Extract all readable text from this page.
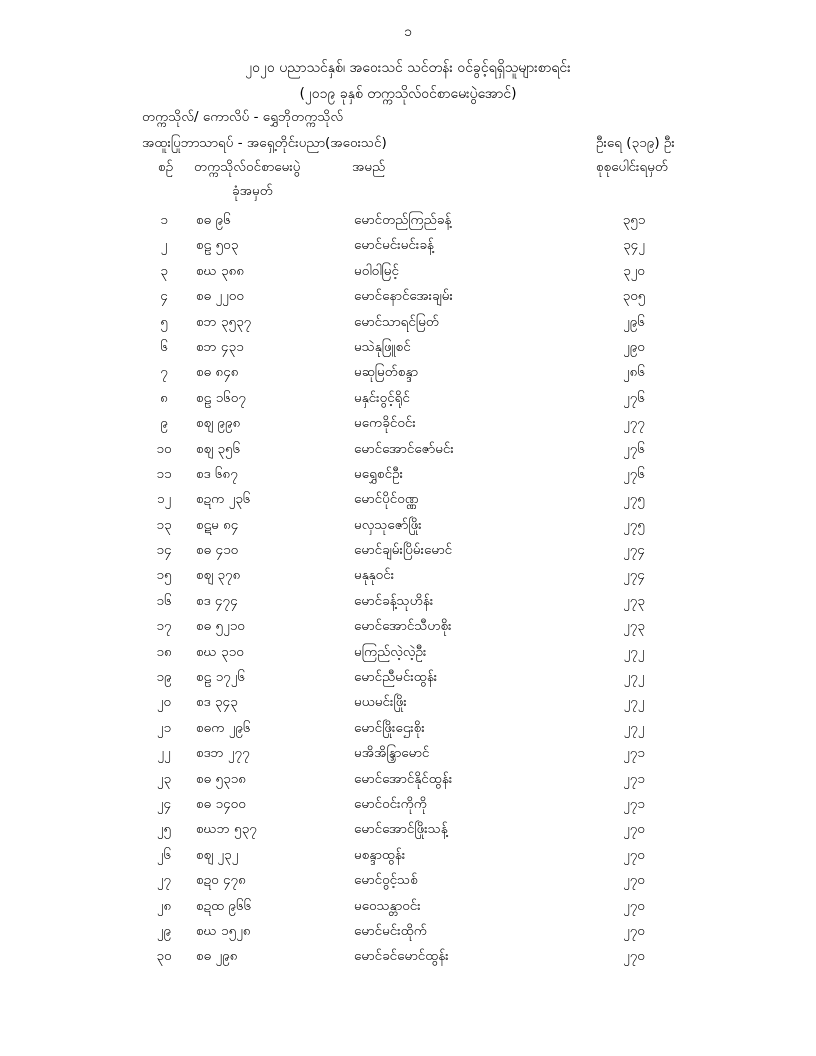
၁
၂၀၂၀ ပညာသင်နှစ်၊ အဝေးသင် သင်တန်း ဝင်ခွင့်ရရှိသူများစာရင်း
(၂၀၁၉ ခုနှစ် တက္ကသိုလ်ဝင်စာမေးပွဲအောင်)
တက္ကသိုလ်/ ကောလိပ် - ရွှေဘိုတက္ကသိုလ်
အထူးပြုဘာသာရပ် - အရှေ့တိုင်းပညာ(အဝေးသင်)	ဦးရေ (၃၁၉) ဦး
စဉ် တက္ကသိုလ်ဝင်စာမေးပွဲ
ခုံအမှတ်
အမည်	စုစုပေါင်းရမှတ်
၁	စဓ ၉၆	မောင်တည်ကြည်ခန့်	၃၅၁
၂	စဠ ၅၀၃	မောင်မင်းမင်းခန့်	၃၄၂
၃	စဃ ၃၈၈	မဝါဝါမြင့်	၃၂၀
၄	စဓ ၂၂၀၀	မောင်နောင်အေးချမ်း	၃၀၅
၅	စဘ ၃၅၃၇	မောင်သာရင်မြတ်	၂၉၆
၆	စဘ ၄၃၁	မသဲနုဖြူစင်	၂၉၀
၇	စဓ ၈၄၈	မဆုမြတ်စန္ဒာ	၂၈၆
၈	စဠ ၁၆၀၇	မနှင်းဝွင့်ရိုင်	၂၇၆
၉	စဈ ၉၉၈	မကေခိုင်ဝင်း	၂၇၇
၁၀	စဈ ၃၅၆	မောင်အောင်ဇော်မင်း	၂၇၆
၁၁	စဒ ၆၈၇	မရွှေစင်ဦး	၂၇၆
၁၂	စဍက ၂၃၆	မောင်ပိုင်ဝဏ္ဏ	၂၇၅
၁၃	စဋမ ၈၄	မလှသုဇော်ဖြိုး	၂၇၅
၁၄	စဓ ၄၁၀	မောင်ချမ်းပြိမ်းမောင်	၂၇၄
၁၅	စဈ ၃၇၈	မနုနုဝင်း	၂၇၄
၁၆	စဒ ၄၇၄	မောင်ခန့်သုဟိန်း	၂၇၃
၁၇	စဓ ၅၂၁၀	မောင်အောင်သီဟစိုး	၂၇၃
၁၈	စဃ ၃၁၀	မကြည်လဲ့လဲ့ဦး	၂၇၂
၁၉	စဠ ၁၇၂၆	မောင်ညီမင်းထွန်း	၂၇၂
၂၀	စဒ ၃၄၃	မယမင်းဖြိုး	၂၇၂
၂၁	စဓက ၂၉၆	မောင်ဖြိုးဌေးစိုး	၂၇၂
၂၂	စဒဘ ၂၇၇	မအိအိန္ဒြာမောင်	၂၇၁
၂၃	စဓ ၅၃၁၈	မောင်အောင်နိုင်ထွန်း	၂၇၁
၂၄	စဓ ၁၄၀၀	မောင်ဝင်းကိုကို	၂၇၁
၂၅	စဃဘ ၅၃၇	မောင်အောင်ဖြိုးသန့်	၂၇၀
၂၆	စဈ ၂၃၂	မစန္ဒာထွန်း	၂၇၀
၂၇	စဍဝ ၄၇၈	မောင်ဝွင့်သစ်	၂၇၀
၂၈	စဍထ ၉၆၆	မဝေသန္တာဝင်း	၂၇၀
၂၉	စဃ ၁၅၂၈	မောင်မင်းထိုက်	၂၇၀
၃၀	စဓ ၂၉၈	မောင်ခင်မောင်ထွန်း	၂၇၀
